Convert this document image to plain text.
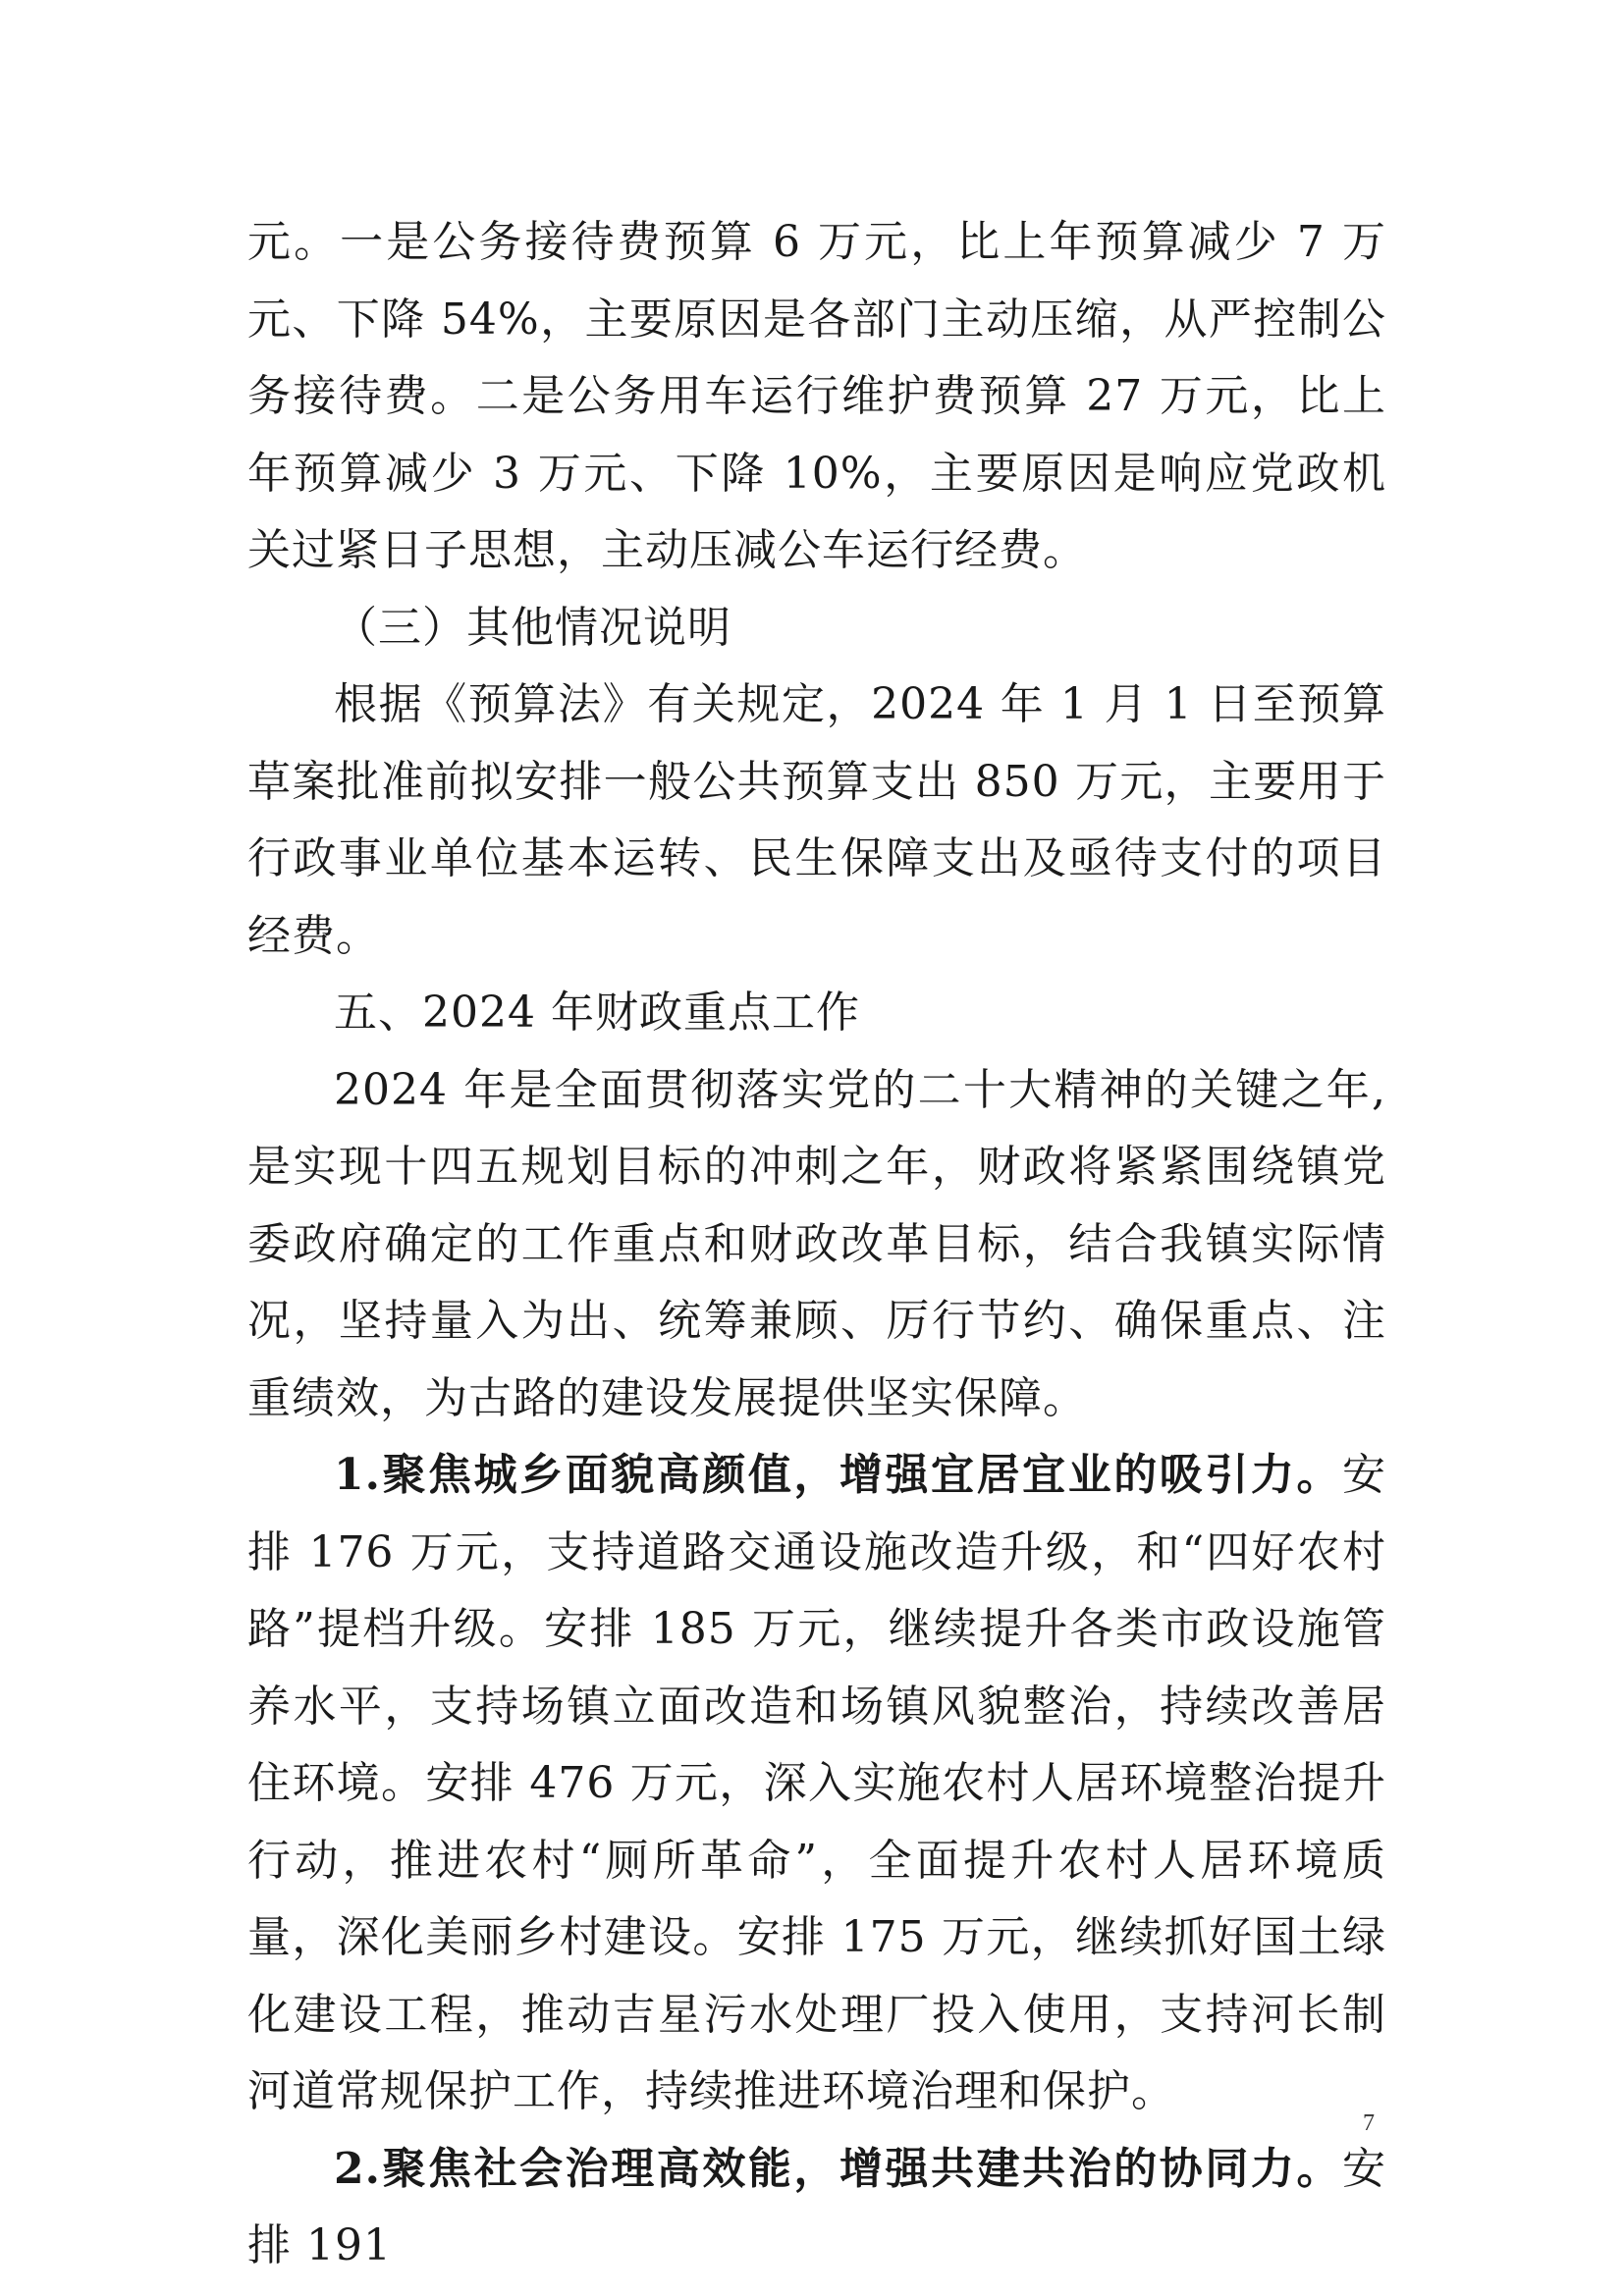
元。一是公务接待费预算 6 万元，比上年预算减少 7 万元、下降 54%，主要原因是各部门主动压缩，从严控制公务接待费。二是公务用车运行维护费预算 27 万元，比上年预算减少 3 万元、下降 10%，主要原因是响应党政机关过紧日子思想，主动压减公车运行经费。

（三）其他情况说明

根据《预算法》有关规定，2024 年 1 月 1 日至预算草案批准前拟安排一般公共预算支出 850 万元，主要用于行政事业单位基本运转、民生保障支出及亟待支付的项目经费。

五、2024 年财政重点工作

2024 年是全面贯彻落实党的二十大精神的关键之年,是实现十四五规划目标的冲刺之年，财政将紧紧围绕镇党委政府确定的工作重点和财政改革目标，结合我镇实际情况，坚持量入为出、统筹兼顾、厉行节约、确保重点、注重绩效，为古路的建设发展提供坚实保障。

1.聚焦城乡面貌高颜值，增强宜居宜业的吸引力。安排 176 万元，支持道路交通设施改造升级，和“四好农村路”提档升级。安排 185 万元，继续提升各类市政设施管养水平，支持场镇立面改造和场镇风貌整治，持续改善居住环境。安排 476 万元，深入实施农村人居环境整治提升行动，推进农村“厕所革命”，全面提升农村人居环境质量，深化美丽乡村建设。安排 175 万元，继续抓好国土绿化建设工程，推动吉星污水处理厂投入使用，支持河长制河道常规保护工作，持续推进环境治理和保护。

2.聚焦社会治理高效能，增强共建共治的协同力。安排 191

7
